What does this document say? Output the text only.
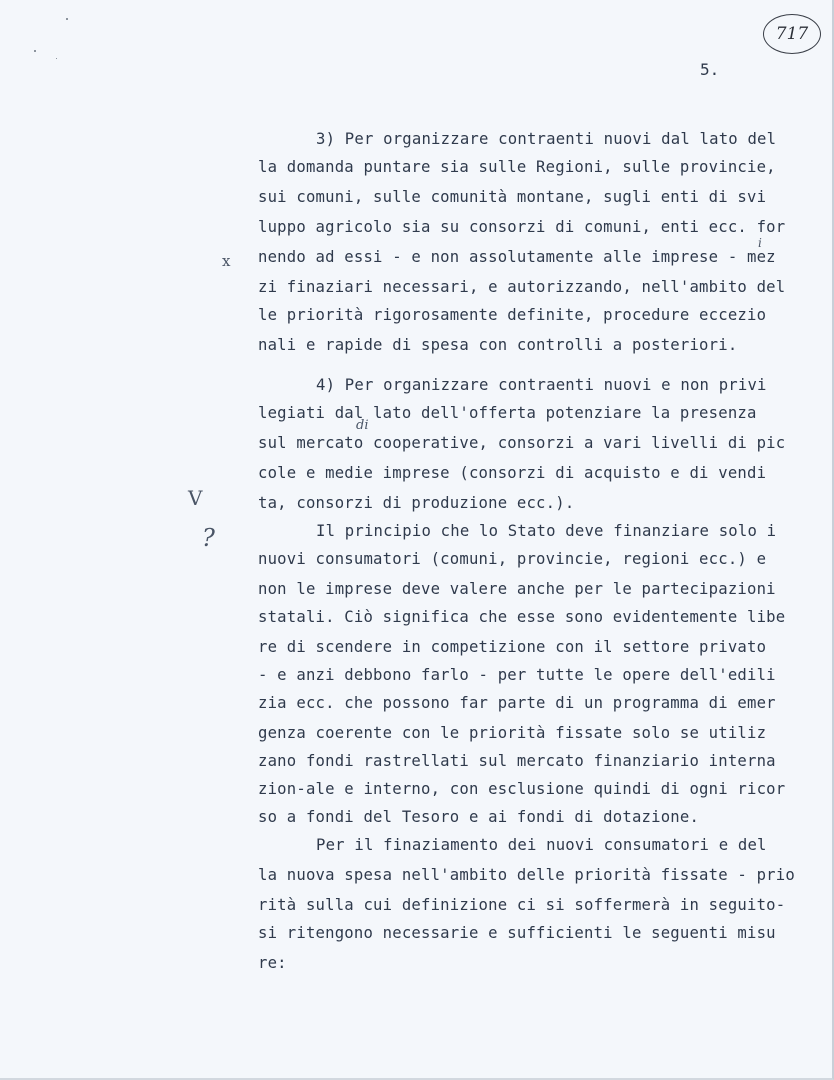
717
5.
3) Per organizzare contraenti nuovi dal lato del
la domanda puntare sia sulle Regioni, sulle provincie,
sui comuni, sulle comunità montane, sugli enti di svi
luppo agricolo sia su consorzi di comuni, enti ecc. for
nendo ad essi - e non assolutamente alle imprese - mez
zi finaziari necessari, e autorizzando, nell'ambito del
le priorità rigorosamente definite, procedure eccezio
nali e rapide di spesa con controlli a posteriori.
4) Per organizzare contraenti nuovi e non privi
legiati dal lato dell'offerta potenziare la presenza
sul mercato cooperative, consorzi a vari livelli di pic
cole e medie imprese (consorzi di acquisto e di vendi
ta, consorzi di produzione ecc.).
Il principio che lo Stato deve finanziare solo i
nuovi consumatori (comuni, provincie, regioni ecc.) e
non le imprese deve valere anche per le partecipazioni
statali. Ciò significa che esse sono evidentemente libe
re di scendere in competizione con il settore privato
- e anzi debbono farlo - per tutte le opere dell'edili
zia ecc. che possono far parte di un programma di emer
genza coerente con le priorità fissate solo se utiliz
zano fondi rastrellati sul mercato finanziario interna
zion-ale e interno, con esclusione quindi di ogni ricor
so a fondi del Tesoro e ai fondi di dotazione.
Per il finaziamento dei nuovi consumatori e del
la nuova spesa nell'ambito delle priorità fissate - prio
rità sulla cui definizione ci si soffermerà in seguito-
si ritengono necessarie e sufficienti le seguenti misu
re:
di
i
x
V
?
